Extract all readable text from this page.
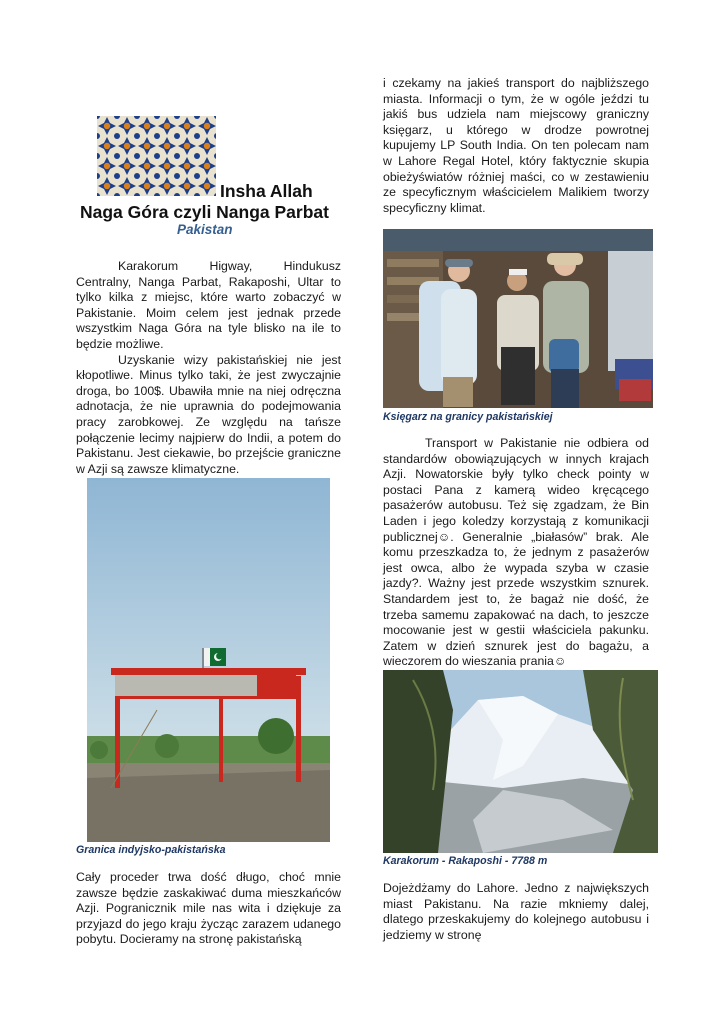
Insha Allah
Naga Góra czyli Nanga Parbat
Pakistan

Karakorum Higway, Hindukusz Centralny, Nanga Parbat, Rakaposhi, Ultar to tylko kilka z miejsc, które warto zobaczyć w Pakistanie. Moim celem jest jednak przede wszystkim Naga Góra na tyle blisko na ile to będzie możliwe.

Uzyskanie wizy pakistańskiej nie jest kłopotliwe. Minus tylko taki, że jest zwyczajnie droga, bo 100$. Ubawiła mnie na niej odręczna adnotacja, że nie uprawnia do podejmowania pracy zarobkowej. Ze względu na tańsze połączenie lecimy najpierw do Indii, a potem do Pakistanu. Jest ciekawie, bo przejście graniczne w Azji są zawsze klimatyczne.

Granica indyjsko-pakistańska

Cały proceder trwa dość długo, choć mnie zawsze będzie zaskakiwać duma mieszkańców Azji. Pogranicznik mile nas wita i dziękuje za przyjazd do jego kraju życząc zarazem udanego pobytu. Docieramy na stronę pakistańską

i czekamy na jakieś transport do najbliższego miasta. Informacji o tym, że w ogóle jeździ tu jakiś bus udziela nam miejscowy graniczny księgarz, u którego w drodze powrotnej kupujemy LP South India. On ten polecam nam w Lahore Regal Hotel, który faktycznie skupia obieżyświatów różniej maści, co w zestawieniu ze specyficznym właścicielem Malikiem tworzy specyficzny klimat.

Księgarz na granicy pakistańskiej

Transport w Pakistanie nie odbiera od standardów obowiązujących w innych krajach Azji. Nowatorskie były tylko check pointy w postaci Pana z kamerą wideo kręcącego pasażerów autobusu. Też się zgadzam, że Bin Laden i jego koledzy korzystają z komunikacji publicznej☺. Generalnie „białasów” brak. Ale komu przeszkadza to, że jednym z pasażerów jest owca, albo że wypada szyba w czasie jazdy?. Ważny jest przede wszystkim sznurek. Standardem jest to, że bagaż nie dość, że trzeba samemu zapakować na dach, to jeszcze mocowanie jest w gestii właściciela pakunku. Zatem w dzień sznurek jest do bagażu, a wieczorem do wieszania prania☺

Karakorum - Rakaposhi - 7788 m

Dojeżdżamy do Lahore. Jedno z największych miast Pakistanu. Na razie mkniemy dalej, dlatego przeskakujemy do kolejnego autobusu i jedziemy w stronę
